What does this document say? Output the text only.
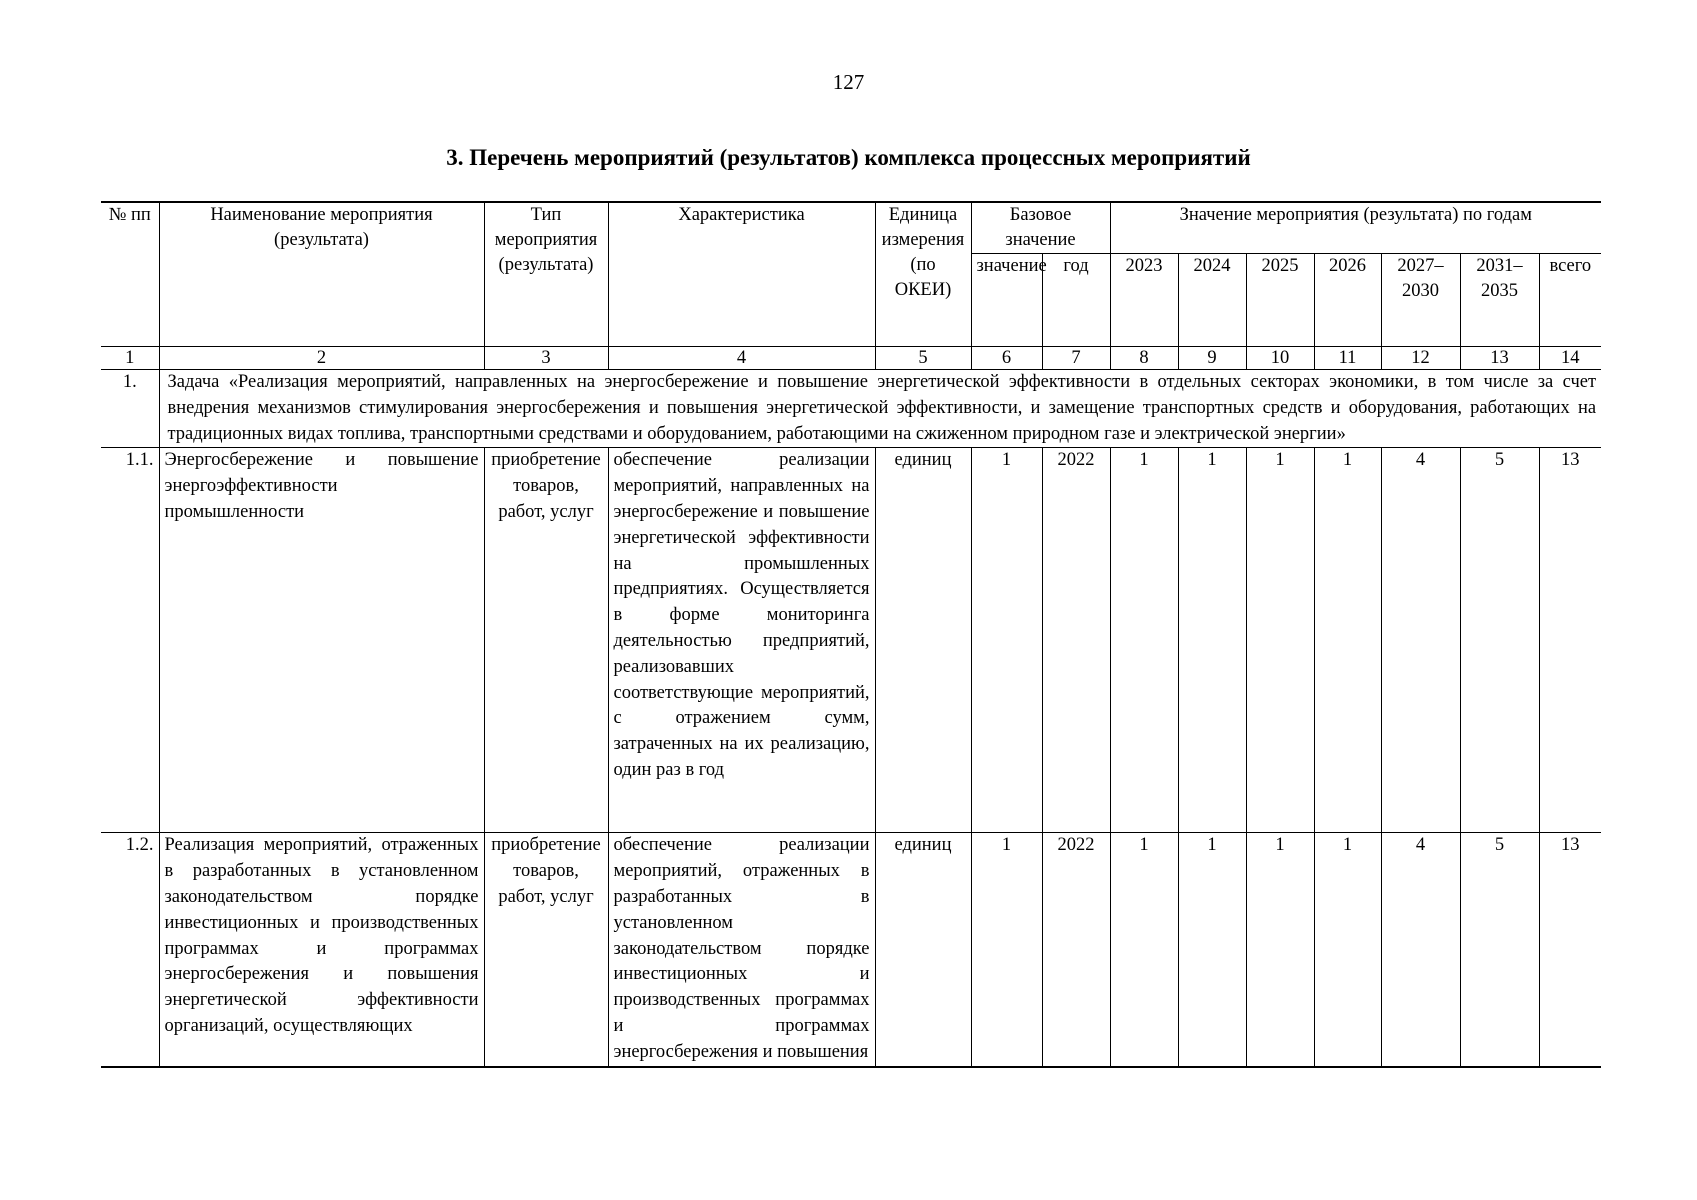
127
3. Перечень мероприятий (результатов) комплекса процессных мероприятий
№ пп	Наименование мероприятия (результата)	Тип мероприятия (результата)	Характеристика	Единица измерения (по ОКЕИ)	Базовое значение		Значение мероприятия (результата) по годам						
					значение	год	2023	2024	2025	2026	2027–2030	2031–2035	всего
1	2	3	4	5	6	7	8	9	10	11	12	13	14
1.	Задача «Реализация мероприятий, направленных на энергосбережение и повышение энергетической эффективности в отдельных секторах экономики, в том числе за счет внедрения механизмов стимулирования энергосбережения и повышения энергетической эффективности, и замещение транспортных средств и оборудования, работающих на традиционных видах топлива, транспортными средствами и оборудованием, работающими на сжиженном природном газе и электрической энергии»												
1.1.	Энергосбережение и повышение энергоэффективности промышленности	приобретение товаров, работ, услуг	обеспечение реализации мероприятий, направленных на энергосбережение и повышение энергетической эффективности на промышленных предприятиях. Осуществляется в форме мониторинга деятельностью предприятий, реализовавших соответствующие мероприятий, с отражением сумм, затраченных на их реализацию, один раз в год	единиц	1	2022	1	1	1	1	4	5	13
1.2.	Реализация мероприятий, отраженных в разработанных в установленном законодательством порядке инвестиционных и производственных программах и программах энергосбережения и повышения энергетической эффективности организаций, осуществляющих	приобретение товаров, работ, услуг	обеспечение реализации мероприятий, отраженных в разработанных в установленном законодательством порядке инвестиционных и производственных программах и программах энергосбережения и повышения	единиц	1	2022	1	1	1	1	4	5	13
